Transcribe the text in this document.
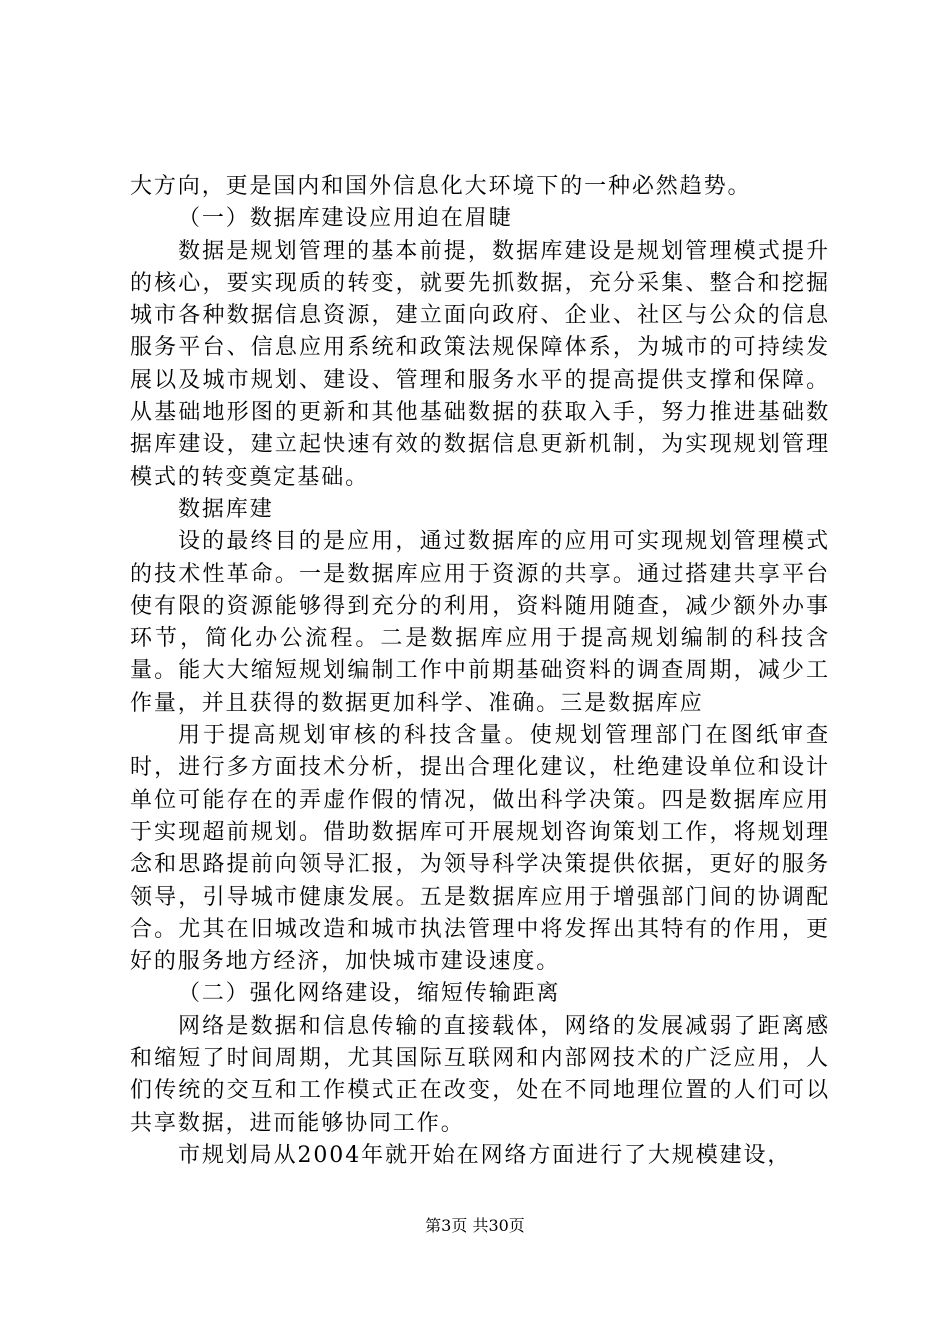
大方向，更是国内和国外信息化大环境下的一种必然趋势。

（一）数据库建设应用迫在眉睫

数据是规划管理的基本前提，数据库建设是规划管理模式提升的核心，要实现质的转变，就要先抓数据，充分采集、整合和挖掘城市各种数据信息资源，建立面向政府、企业、社区与公众的信息服务平台、信息应用系统和政策法规保障体系，为城市的可持续发展以及城市规划、建设、管理和服务水平的提高提供支撑和保障。从基础地形图的更新和其他基础数据的获取入手，努力推进基础数据库建设，建立起快速有效的数据信息更新机制，为实现规划管理模式的转变奠定基础。

数据库建

设的最终目的是应用，通过数据库的应用可实现规划管理模式的技术性革命。一是数据库应用于资源的共享。通过搭建共享平台使有限的资源能够得到充分的利用，资料随用随查，减少额外办事环节，简化办公流程。二是数据库应用于提高规划编制的科技含量。能大大缩短规划编制工作中前期基础资料的调查周期，减少工作量，并且获得的数据更加科学、准确。三是数据库应

用于提高规划审核的科技含量。使规划管理部门在图纸审查时，进行多方面技术分析，提出合理化建议，杜绝建设单位和设计单位可能存在的弄虚作假的情况，做出科学决策。四是数据库应用于实现超前规划。借助数据库可开展规划咨询策划工作，将规划理念和思路提前向领导汇报，为领导科学决策提供依据，更好的服务领导，引导城市健康发展。五是数据库应用于增强部门间的协调配合。尤其在旧城改造和城市执法管理中将发挥出其特有的作用，更好的服务地方经济，加快城市建设速度。

（二）强化网络建设，缩短传输距离

网络是数据和信息传输的直接载体，网络的发展减弱了距离感和缩短了时间周期，尤其国际互联网和内部网技术的广泛应用，人们传统的交互和工作模式正在改变，处在不同地理位置的人们可以共享数据，进而能够协同工作。

市规划局从2004年就开始在网络方面进行了大规模建设，

第3页 共30页
